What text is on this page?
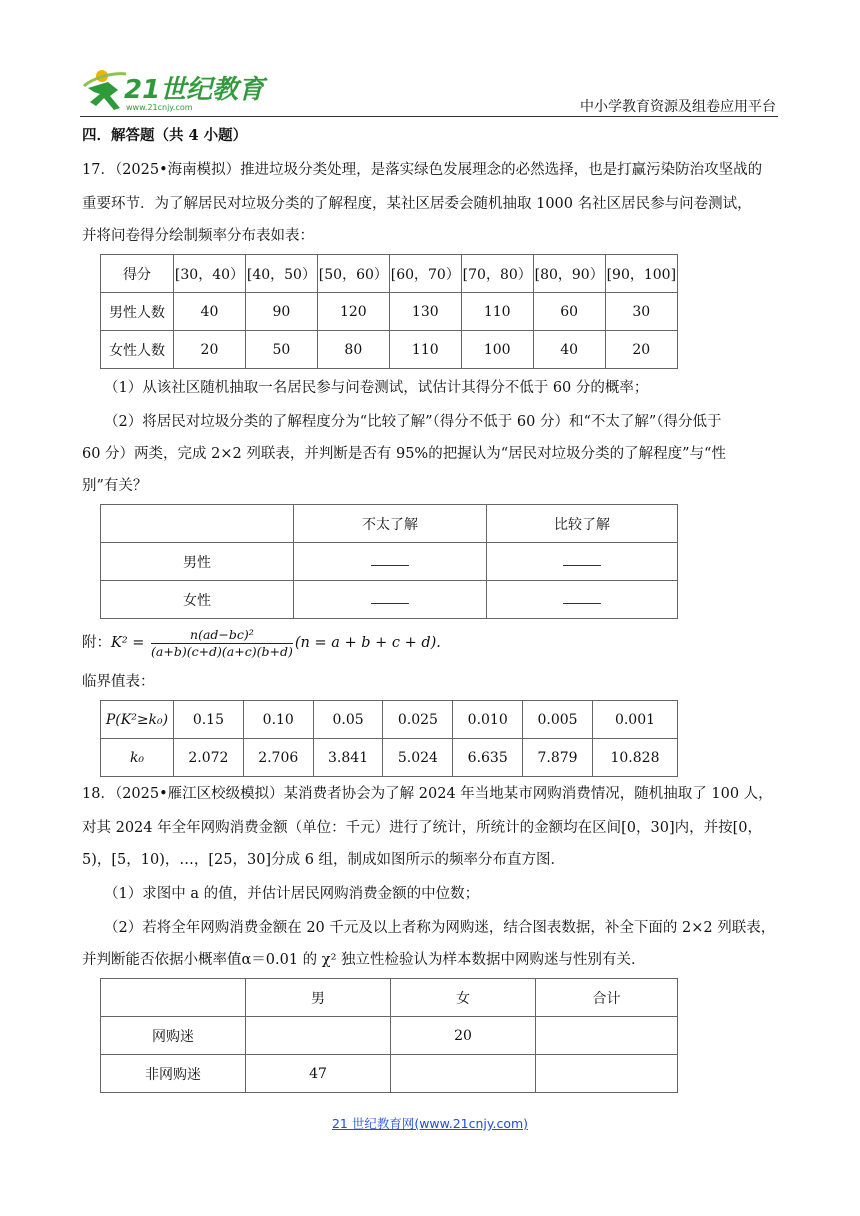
21世纪教育
www.21cnjy.com	中小学教育资源及组卷应用平台
四．解答题（共 4 小题）
17．（2025•海南模拟）推进垃圾分类处理，是落实绿色发展理念的必然选择，也是打赢污染防治攻坚战的
重要环节．为了解居民对垃圾分类的了解程度，某社区居委会随机抽取 1000 名社区居民参与问卷测试，
并将问卷得分绘制频率分布表如表：
得分	[30，40）	[40，50）	[50，60）	[60，70）	[70，80）	[80，90）	[90，100]
男性人数	40	90	120	130	110	60	30
女性人数	20	50	80	110	100	40	20
（1）从该社区随机抽取一名居民参与问卷测试，试估计其得分不低于 60 分的概率；
（2）将居民对垃圾分类的了解程度分为“比较了解”（得分不低于 60 分）和“不太了解”（得分低于
60 分）两类，完成 2×2 列联表，并判断是否有 95%的把握认为“居民对垃圾分类的了解程度”与“性
别”有关？
	不太了解	比较了解
男性		
女性		
附：$K^2 = \frac{\text{n(ad−bc)²}}{(a+b)(c+d)(a+c)(b+d)} (n = a + b + c + d)$.
临界值表：
P(K²≥k₀)	0.15	0.10	0.05	0.025	0.010	0.005	0.001
k₀	2.072	2.706	3.841	5.024	6.635	7.879	10.828
18．（2025•雁江区校级模拟）某消费者协会为了解 2024 年当地某市网购消费情况，随机抽取了 100 人，
对其 2024 年全年网购消费金额（单位：千元）进行了统计，所统计的金额均在区间[0，30]内，并按[0，
5)，[5，10)，…，[25，30]分成 6 组，制成如图所示的频率分布直方图．
（1）求图中 a 的值，并估计居民网购消费金额的中位数；
（2）若将全年网购消费金额在 20 千元及以上者称为网购迷，结合图表数据，补全下面的 2×2 列联表，
并判断能否依据小概率值α＝0.01 的 χ² 独立性检验认为样本数据中网购迷与性别有关．
	男	女	合计
网购迷		20	
非网购迷	47		
21 世纪教育网(www.21cnjy.com)
